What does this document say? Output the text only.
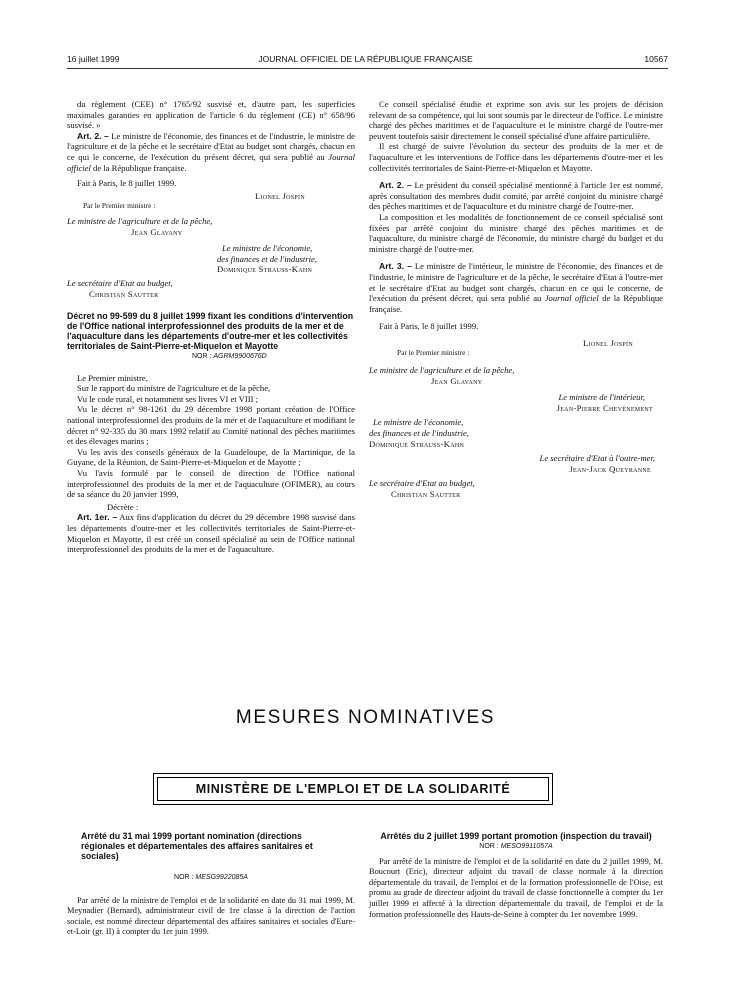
16 juillet 1999	JOURNAL OFFICIEL DE LA RÉPUBLIQUE FRANÇAISE	10567

du règlement (CEE) n° 1765/92 susvisé et, d'autre part, les superficies maximales garanties en application de l'article 6 du règlement (CE) n° 658/96 susvisé. »

Art. 2. – Le ministre de l'économie, des finances et de l'industrie, le ministre de l'agriculture et de la pêche et le secrétaire d'Etat au budget sont chargés, chacun en ce qui le concerne, de l'exécution du présent décret, qui sera publié au Journal officiel de la République française.

Fait à Paris, le 8 juillet 1999.

Lionel Jospin

Par le Premier ministre :

Le ministre de l'agriculture et de la pêche,

Jean Glavany

Le ministre de l'économie,

des finances et de l'industrie,

Dominique Strauss-Kahn

Le secrétaire d'Etat au budget,

Christian Sautter

Décret no 99-599 du 8 juillet 1999 fixant les conditions d'intervention de l'Office national interprofessionnel des produits de la mer et de l'aquaculture dans les départements d'outre-mer et les collectivités territoriales de Saint-Pierre-et-Miquelon et Mayotte

NOR : AGRM9900676D

Le Premier ministre,

Sur le rapport du ministre de l'agriculture et de la pêche,

Vu le code rural, et notamment ses livres VI et VIII ;

Vu le décret n° 98-1261 du 29 décembre 1998 portant création de l'Office national interprofessionnel des produits de la mer et de l'aquaculture et modifiant le décret n° 92-335 du 30 mars 1992 relatif au Comité national des pêches maritimes et des élevages marins ;

Vu les avis des conseils généraux de la Guadeloupe, de la Martinique, de la Guyane, de la Réunion, de Saint-Pierre-et-Miquelon et de Mayotte ;

Vu l'avis formulé par le conseil de direction de l'Office national interprofessionnel des produits de la mer et de l'aquaculture (OFIMER), au cours de sa séance du 20 janvier 1999,

Décrète :

Art. 1er. – Aux fins d'application du décret du 29 décembre 1998 susvisé dans les départements d'outre-mer et les collectivités territoriales de Saint-Pierre-et-Miquelon et Mayotte, il est créé un conseil spécialisé au sein de l'Office national interprofessionnel des produits de la mer et de l'aquaculture.

Ce conseil spécialisé étudie et exprime son avis sur les projets de décision relevant de sa compétence, qui lui sont soumis par le directeur de l'office. Le ministre chargé des pêches maritimes et de l'aquaculture et le ministre chargé de l'outre-mer peuvent toutefois saisir directement le conseil spécialisé d'une affaire particulière.

Il est chargé de suivre l'évolution du secteur des produits de la mer et de l'aquaculture et les interventions de l'office dans les départements d'outre-mer et les collectivités territoriales de Saint-Pierre-et-Miquelon et Mayotte.

Art. 2. – Le président du conseil spécialisé mentionné à l'article 1er est nommé, après consultation des membres dudit comité, par arrêté conjoint du ministre chargé des pêches maritimes et de l'aquaculture et du ministre chargé de l'outre-mer.

La composition et les modalités de fonctionnement de ce conseil spécialisé sont fixées par arrêté conjoint du ministre chargé des pêches maritimes et de l'aquaculture, du ministre chargé de l'économie, du ministre chargé du budget et du ministre chargé de l'outre-mer.

Art. 3. – Le ministre de l'intérieur, le ministre de l'économie, des finances et de l'industrie, le ministre de l'agriculture et de la pêche, le secrétaire d'Etat à l'outre-mer et le secrétaire d'Etat au budget sont chargés, chacun en ce qui le concerne, de l'exécution du présent décret, qui sera publié au Journal officiel de la République française.

Fait à Paris, le 8 juillet 1999.

Lionel Jospin

Par le Premier ministre :

Le ministre de l'agriculture et de la pêche,

Jean Glavany

Le ministre de l'intérieur,

Jean-Pierre Chevènement

Le ministre de l'économie,

des finances et de l'industrie,

Dominique Strauss-Kahn

Le secrétaire d'Etat à l'outre-mer,

Jean-Jack Queyranne

Le secrétaire d'Etat au budget,

Christian Sautter

MESURES NOMINATIVES
MINISTÈRE DE L'EMPLOI ET DE LA SOLIDARITÉ

Arrêté du 31 mai 1999 portant nomination (directions régionales et départementales des affaires sanitaires et sociales)

NOR : MESG9922085A

Par arrêté de la ministre de l'emploi et de la solidarité en date du 31 mai 1999, M. Meynadier (Bernard), administrateur civil de 1re classe à la direction de l'action sociale, est nommé directeur départemental des affaires sanitaires et sociales d'Eure-et-Loir (gr. II) à compter du 1er juin 1999.

Arrêtés du 2 juillet 1999 portant promotion (inspection du travail)

NOR : MESO9911057A

Par arrêté de la ministre de l'emploi et de la solidarité en date du 2 juillet 1999, M. Boucourt (Eric), directeur adjoint du travail de classe normale à la direction départementale du travail, de l'emploi et de la formation professionnelle de l'Oise, est promu au grade de directeur adjoint du travail de classe fonctionnelle à compter du 1er juillet 1999 et affecté à la direction départementale du travail, de l'emploi et de la formation professionnelle des Hauts-de-Seine à compter du 1er novembre 1999.
